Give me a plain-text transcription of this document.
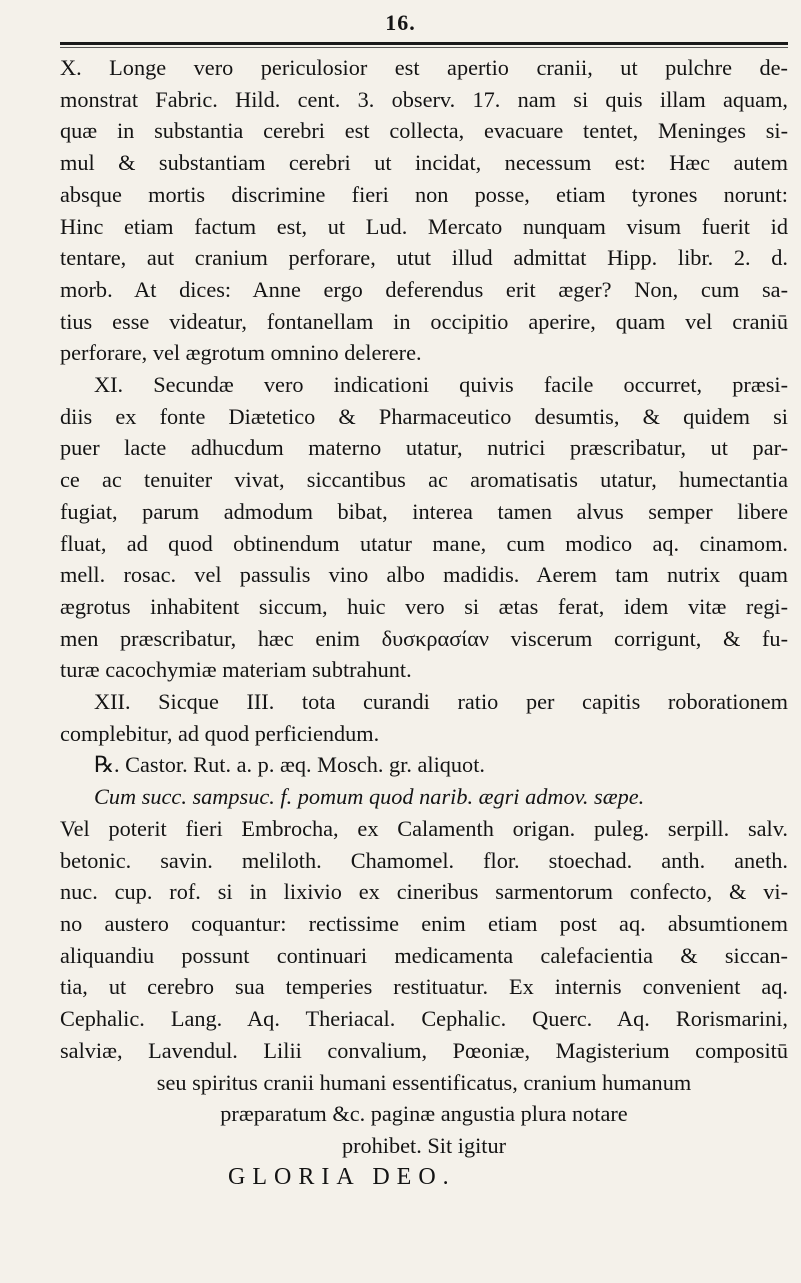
16.
X. Longe vero periculosior est apertio cranii, ut pulchre de-
monstrat Fabric. Hild. cent. 3. observ. 17. nam si quis illam aquam,
quæ in substantia cerebri est collecta, evacuare tentet, Meninges si-
mul & substantiam cerebri ut incidat, necessum est: Hæc autem
absque mortis discrimine fieri non posse, etiam tyrones norunt:
Hinc etiam factum est, ut Lud. Mercato nunquam visum fuerit id
tentare, aut cranium perforare, utut illud admittat Hipp. libr. 2. d.
morb. At dices: Anne ergo deferendus erit æger? Non, cum sa-
tius esse videatur, fontanellam in occipitio aperire, quam vel craniū
perforare, vel ægrotum omnino delerere.
XI. Secundæ vero indicationi quivis facile occurret, præsi-
diis ex fonte Diætetico & Pharmaceutico desumtis, & quidem si
puer lacte adhucdum materno utatur, nutrici præscribatur, ut par-
ce ac tenuiter vivat, siccantibus ac aromatisatis utatur, humectantia
fugiat, parum admodum bibat, interea tamen alvus semper libere
fluat, ad quod obtinendum utatur mane, cum modico aq. cinamom.
mell. rosac. vel passulis vino albo madidis. Aerem tam nutrix quam
ægrotus inhabitent siccum, huic vero si ætas ferat, idem vitæ regi-
men præscribatur, hæc enim δυσκρασίαν viscerum corrigunt, & fu-
turæ cacochymiæ materiam subtrahunt.
XII. Sicque III. tota curandi ratio per capitis roborationem
complebitur, ad quod perficiendum.
℞. Castor. Rut. a. p. æq. Mosch. gr. aliquot.
Cum succ. sampsuc. f. pomum quod narib. ægri admov. sæpe.
Vel poterit fieri Embrocha, ex Calamenth origan. puleg. serpill. salv.
betonic. savin. meliloth. Chamomel. flor. stoechad. anth. aneth.
nuc. cup. rof. si in lixivio ex cineribus sarmentorum confecto, & vi-
no austero coquantur: rectissime enim etiam post aq. absumtionem
aliquandiu possunt continuari medicamenta calefacientia & siccan-
tia, ut cerebro sua temperies restituatur. Ex internis convenient aq.
Cephalic. Lang. Aq. Theriacal. Cephalic. Querc. Aq. Rorismarini,
salviæ, Lavendul. Lilii convalium, Pœoniæ, Magisterium compositū
seu spiritus cranii humani essentificatus, cranium humanum
præparatum &c. paginæ angustia plura notare
prohibet. Sit igitur
GLORIA DEO.
